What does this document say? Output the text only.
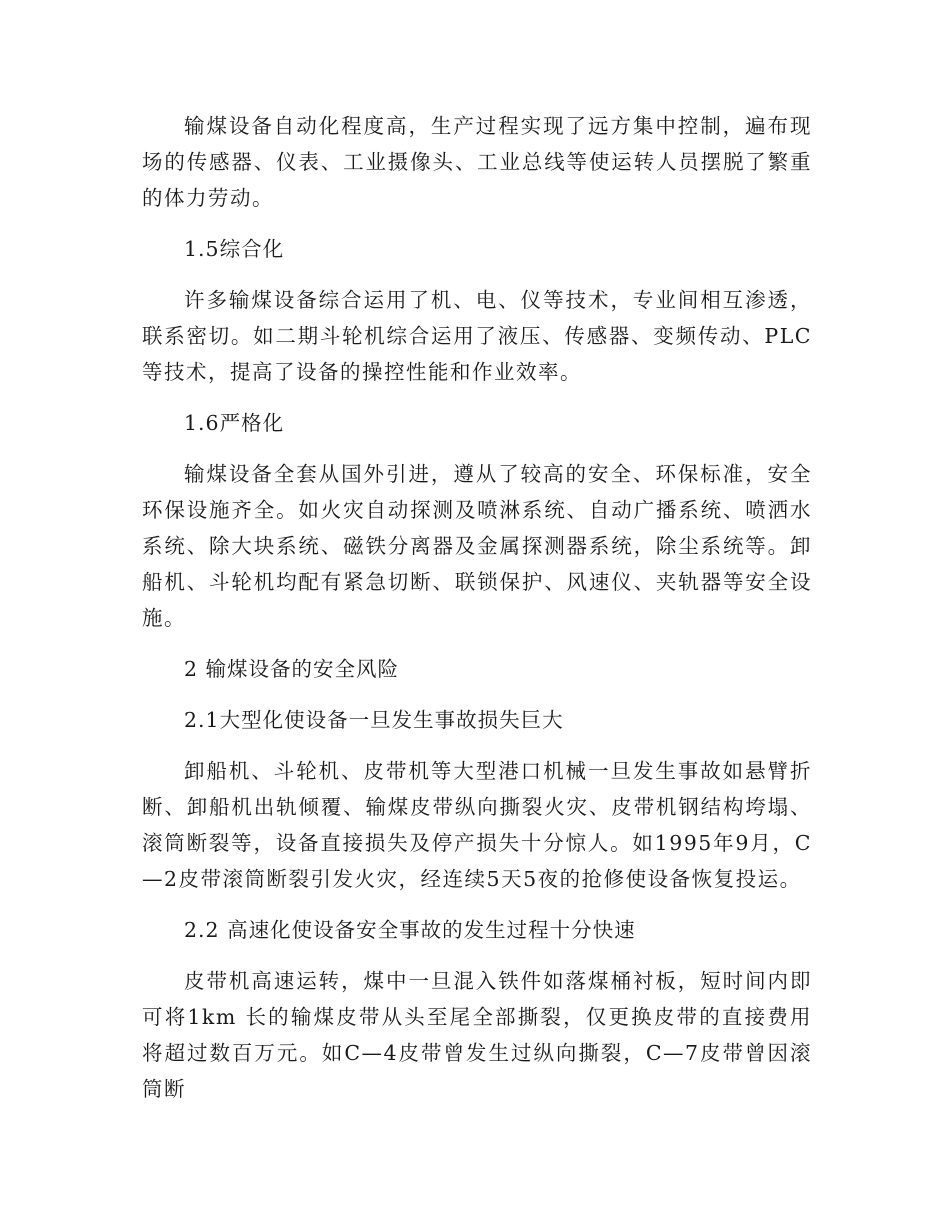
输煤设备自动化程度高，生产过程实现了远方集中控制，遍布现场的传感器、仪表、工业摄像头、工业总线等使运转人员摆脱了繁重的体力劳动。

1.5综合化

许多输煤设备综合运用了机、电、仪等技术，专业间相互渗透，联系密切。如二期斗轮机综合运用了液压、传感器、变频传动、PLC等技术，提高了设备的操控性能和作业效率。

1.6严格化

输煤设备全套从国外引进，遵从了较高的安全、环保标准，安全环保设施齐全。如火灾自动探测及喷淋系统、自动广播系统、喷洒水系统、除大块系统、磁铁分离器及金属探测器系统，除尘系统等。卸船机、斗轮机均配有紧急切断、联锁保护、风速仪、夹轨器等安全设施。

2 输煤设备的安全风险

2.1大型化使设备一旦发生事故损失巨大

卸船机、斗轮机、皮带机等大型港口机械一旦发生事故如悬臂折断、卸船机出轨倾覆、输煤皮带纵向撕裂火灾、皮带机钢结构垮塌、滚筒断裂等，设备直接损失及停产损失十分惊人。如1995年9月，C—2皮带滚筒断裂引发火灾，经连续5天5夜的抢修使设备恢复投运。

2.2 高速化使设备安全事故的发生过程十分快速

皮带机高速运转，煤中一旦混入铁件如落煤桶衬板，短时间内即可将1km 长的输煤皮带从头至尾全部撕裂，仅更换皮带的直接费用将超过数百万元。如C—4皮带曾发生过纵向撕裂，C—7皮带曾因滚筒断
